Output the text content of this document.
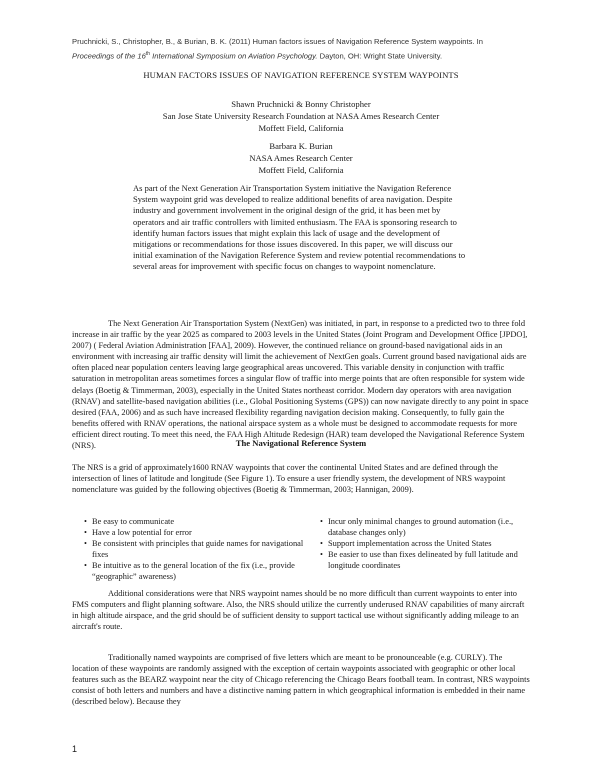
Pruchnicki, S., Christopher, B., & Burian, B. K. (2011) Human factors issues of Navigation Reference System waypoints. In
Proceedings of the 16th International Symposium on Aviation Psychology. Dayton, OH: Wright State University.
HUMAN FACTORS ISSUES OF NAVIGATION REFERENCE SYSTEM WAYPOINTS
Shawn Pruchnicki & Bonny Christopher
San Jose State University Research Foundation at NASA Ames Research Center
Moffett Field, California
Barbara K. Burian
NASA Ames Research Center
Moffett Field, California
As part of the Next Generation Air Transportation System initiative the Navigation Reference System waypoint grid was developed to realize additional benefits of area navigation. Despite industry and government involvement in the original design of the grid, it has been met by operators and air traffic controllers with limited enthusiasm. The FAA is sponsoring research to identify human factors issues that might explain this lack of usage and the development of mitigations or recommendations for those issues discovered. In this paper, we will discuss our initial examination of the Navigation Reference System and review potential recommendations to several areas for improvement with specific focus on changes to waypoint nomenclature.
The Next Generation Air Transportation System (NextGen) was initiated, in part, in response to a predicted two to three fold increase in air traffic by the year 2025 as compared to 2003 levels in the United States (Joint Program and Development Office [JPDO], 2007) ( Federal Aviation Administration [FAA], 2009). However, the continued reliance on ground-based navigational aids in an environment with increasing air traffic density will limit the achievement of NextGen goals. Current ground based navigational aids are often placed near population centers leaving large geographical areas uncovered. This variable density in conjunction with traffic saturation in metropolitan areas sometimes forces a singular flow of traffic into merge points that are often responsible for system wide delays (Boetig & Timmerman, 2003), especially in the United States northeast corridor. Modern day operators with area navigation (RNAV) and satellite-based navigation abilities (i.e., Global Positioning Systems (GPS)) can now navigate directly to any point in space desired (FAA, 2006) and as such have increased flexibility regarding navigation decision making. Consequently, to fully gain the benefits offered with RNAV operations, the national airspace system as a whole must be designed to accommodate requests for more efficient direct routing. To meet this need, the FAA High Altitude Redesign (HAR) team developed the Navigational Reference System (NRS).	The Navigational Reference System
The NRS is a grid of approximately1600 RNAV waypoints that cover the continental United States and are defined through the intersection of lines of latitude and longitude (See Figure 1). To ensure a user friendly system, the development of NRS waypoint nomenclature was guided by the following objectives (Boetig & Timmerman, 2003; Hannigan, 2009).
• Be easy to communicate
• Have a low potential for error
• Be consistent with principles that guide names for navigational fixes
• Be intuitive as to the general location of the fix (i.e., provide “geographic” awareness)
• Incur only minimal changes to ground automation (i.e., database changes only)
• Support implementation across the United States
• Be easier to use than fixes delineated by full latitude and longitude coordinates
Additional considerations were that NRS waypoint names should be no more difficult than current waypoints to enter into FMS computers and flight planning software. Also, the NRS should utilize the currently underused RNAV capabilities of many aircraft in high altitude airspace, and the grid should be of sufficient density to support tactical use without significantly adding mileage to an aircraft's route.
Traditionally named waypoints are comprised of five letters which are meant to be pronounceable (e.g. CURLY). The location of these waypoints are randomly assigned with the exception of certain waypoints associated with geographic or other local features such as the BEARZ waypoint near the city of Chicago referencing the Chicago Bears football team. In contrast, NRS waypoints consist of both letters and numbers and have a distinctive naming pattern in which geographical information is embedded in their name (described below). Because they
1
